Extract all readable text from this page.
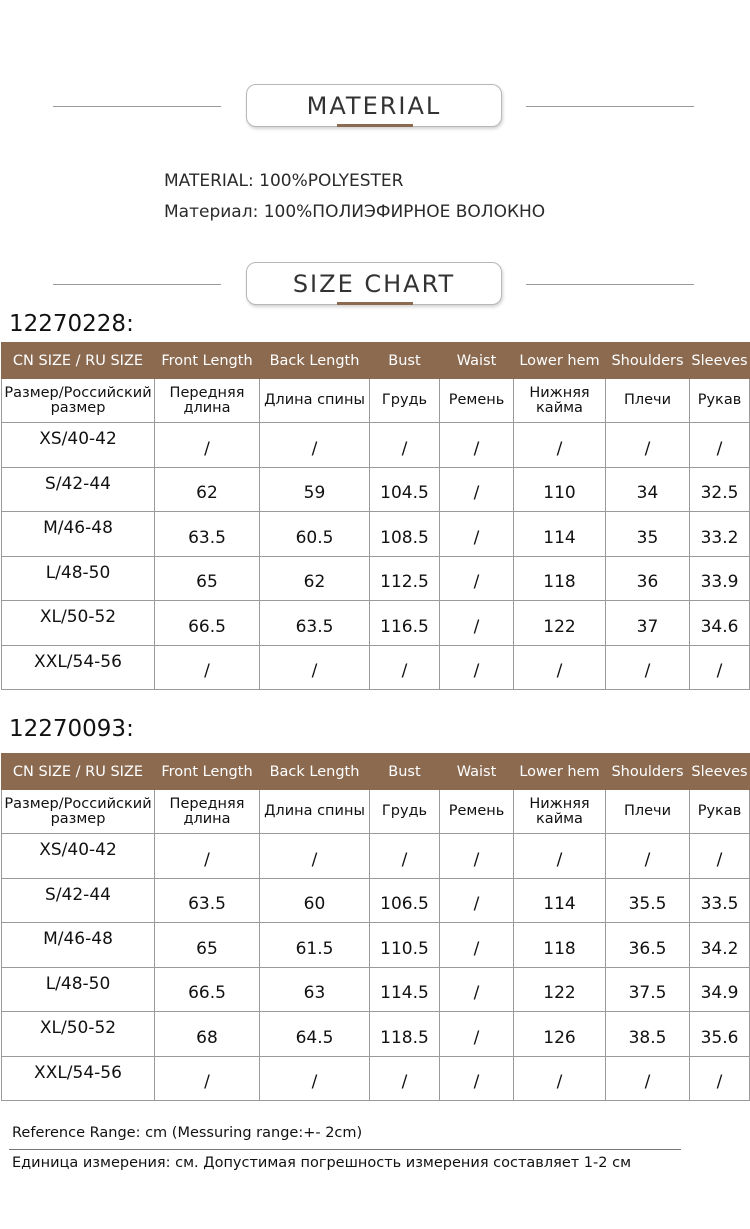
MATERIAL
MATERIAL: 100%POLYESTER
Материал: 100%ПОЛИЭФИРНОЕ ВОЛОКНО
SIZE CHART
12270228:
CN SIZE / RU SIZE	Front Length	Back Length	Bust	Waist	Lower hem	Shoulders	Sleeves
Размер/Российский размер	Передняя длина	Длина спины	Грудь	Ремень	Нижняя кайма	Плечи	Рукав
XS/40-42	/	/	/	/	/	/	/
S/42-44	62	59	104.5	/	110	34	32.5
M/46-48	63.5	60.5	108.5	/	114	35	33.2
L/48-50	65	62	112.5	/	118	36	33.9
XL/50-52	66.5	63.5	116.5	/	122	37	34.6
XXL/54-56	/	/	/	/	/	/	/
12270093:
CN SIZE / RU SIZE	Front Length	Back Length	Bust	Waist	Lower hem	Shoulders	Sleeves
Размер/Российский размер	Передняя длина	Длина спины	Грудь	Ремень	Нижняя кайма	Плечи	Рукав
XS/40-42	/	/	/	/	/	/	/
S/42-44	63.5	60	106.5	/	114	35.5	33.5
M/46-48	65	61.5	110.5	/	118	36.5	34.2
L/48-50	66.5	63	114.5	/	122	37.5	34.9
XL/50-52	68	64.5	118.5	/	126	38.5	35.6
XXL/54-56	/	/	/	/	/	/	/
Reference Range: cm (Messuring range:+- 2cm)
Единица измерения: см. Допустимая погрешность измерения составляет 1-2 см
